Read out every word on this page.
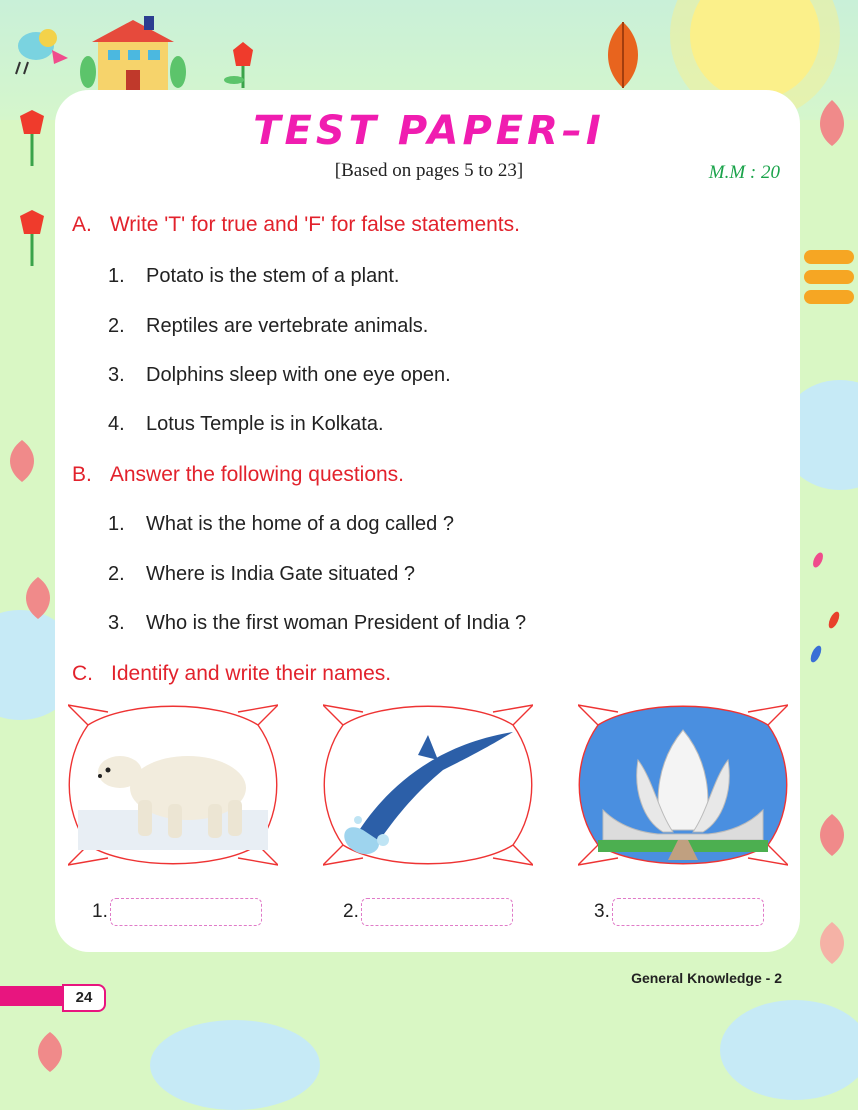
TEST PAPER–I
[Based on pages 5 to 23]	M.M : 20
A. Write 'T' for true and 'F' for false statements.
1. Potato is the stem of a plant.
2. Reptiles are vertebrate animals.
3. Dolphins sleep with one eye open.
4. Lotus Temple is in Kolkata.
B. Answer the following questions.
1. What is the home of a dog called ?
2. Where is India Gate situated ?
3. Who is the first woman President of India ?
C. Identify and write their names.
1.	2.	3.
General Knowledge - 2
24
